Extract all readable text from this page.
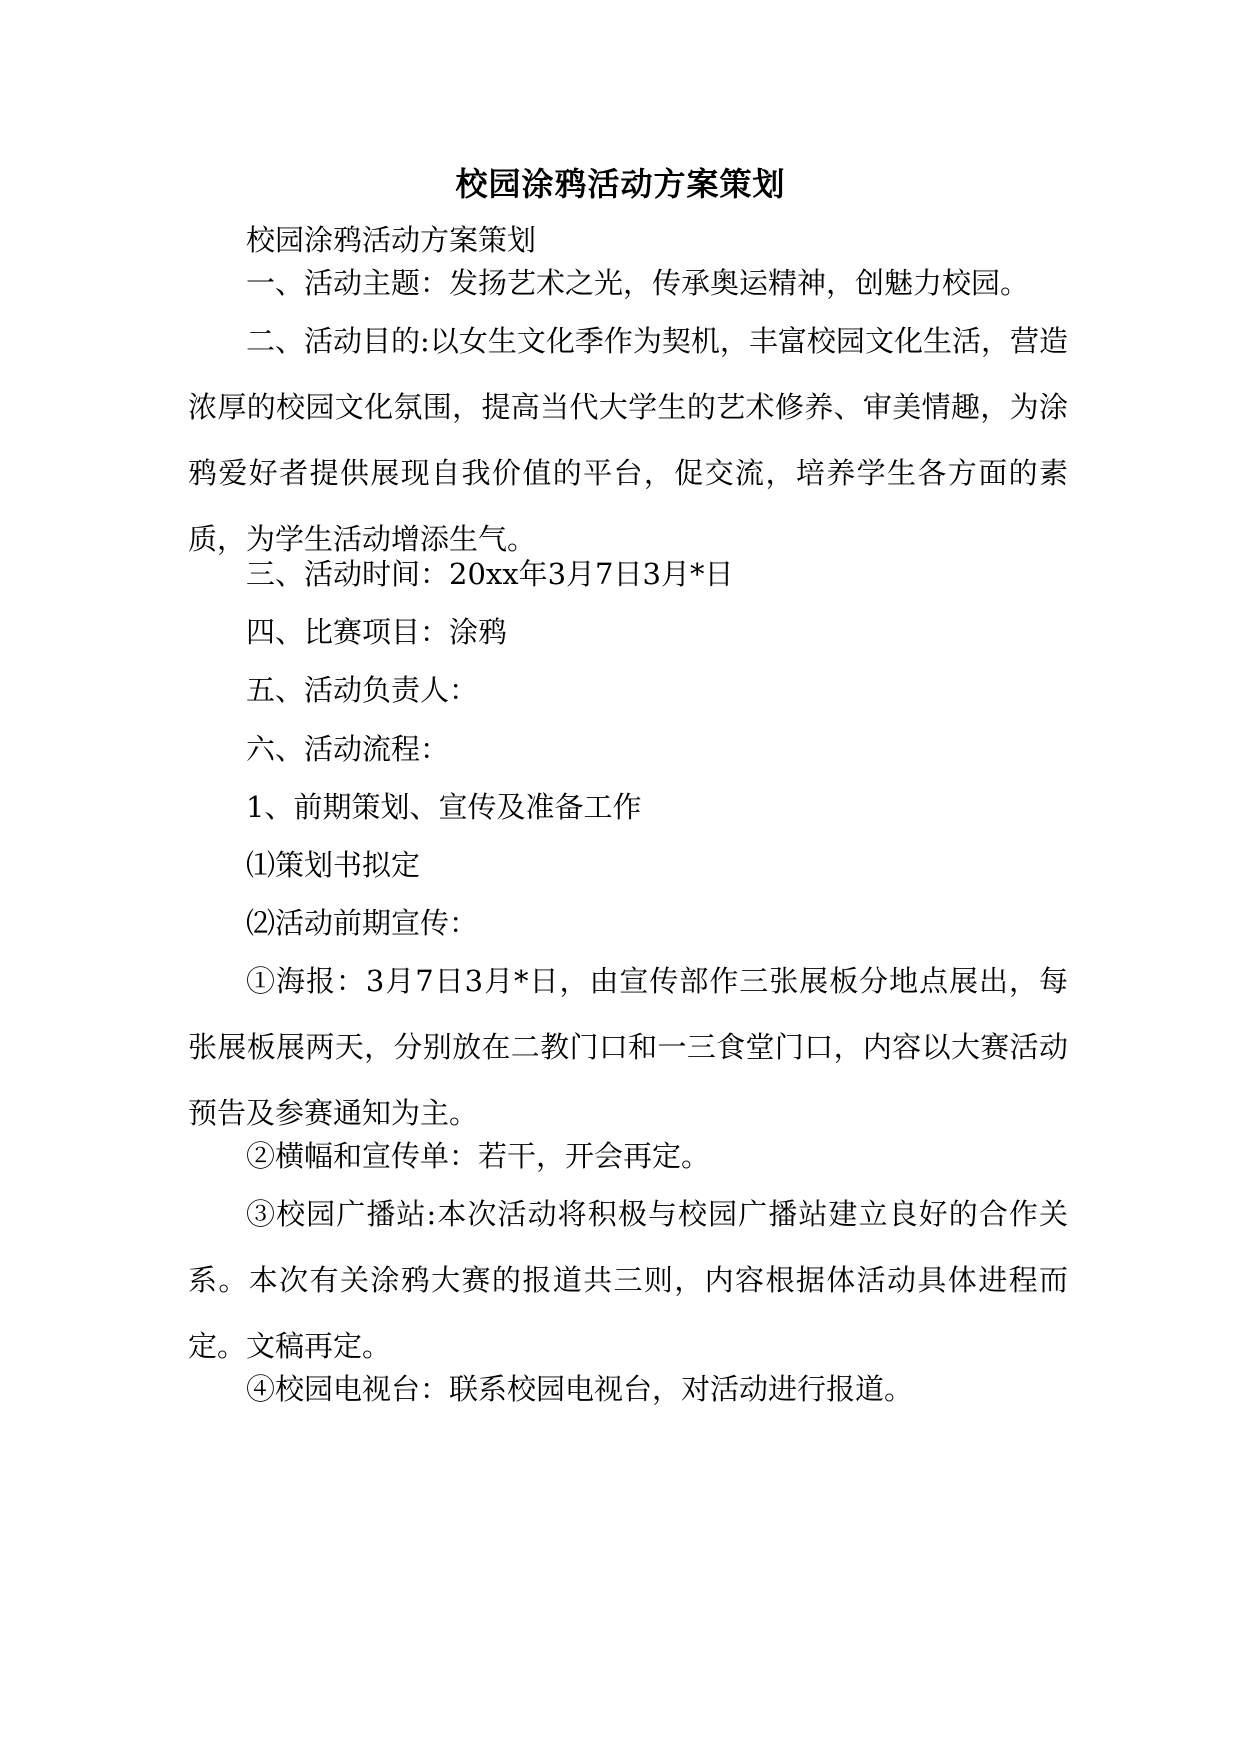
校园涂鸦活动方案策划

校园涂鸦活动方案策划

一、活动主题：发扬艺术之光，传承奥运精神，创魅力校园。

二、活动目的:以女生文化季作为契机，丰富校园文化生活，营造浓厚的校园文化氛围，提高当代大学生的艺术修养、审美情趣，为涂鸦爱好者提供展现自我价值的平台，促交流，培养学生各方面的素质，为学生活动增添生气。

三、活动时间：20xx年3月7日3月*日

四、比赛项目：涂鸦

五、活动负责人：

六、活动流程：

1、前期策划、宣传及准备工作

⑴策划书拟定

⑵活动前期宣传：

①海报：3月7日3月*日，由宣传部作三张展板分地点展出，每张展板展两天，分别放在二教门口和一三食堂门口，内容以大赛活动预告及参赛通知为主。

②横幅和宣传单：若干，开会再定。

③校园广播站:本次活动将积极与校园广播站建立良好的合作关系。本次有关涂鸦大赛的报道共三则，内容根据体活动具体进程而定。文稿再定。

④校园电视台：联系校园电视台，对活动进行报道。
